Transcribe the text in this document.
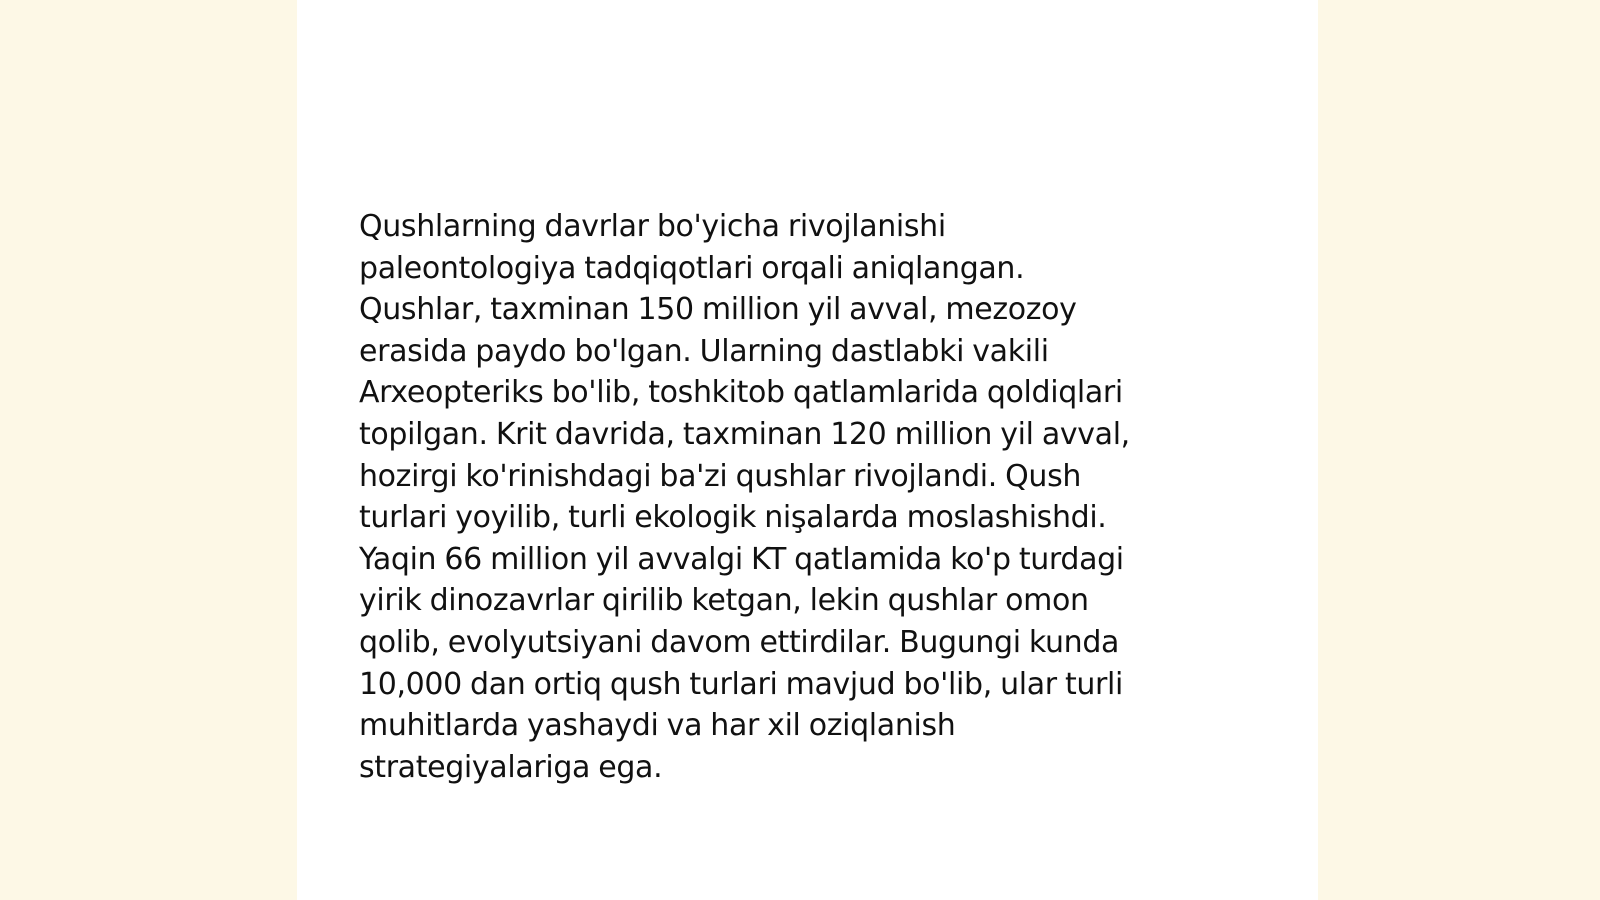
Qushlarning davrlar bo'yicha rivojlanishi
paleontologiya tadqiqotlari orqali aniqlangan.
Qushlar, taxminan 150 million yil avval, mezozoy
erasida paydo bo'lgan. Ularning dastlabki vakili
Arxeopteriks bo'lib, toshkitob qatlamlarida qoldiqlari
topilgan. Krit davrida, taxminan 120 million yil avval,
hozirgi ko'rinishdagi ba'zi qushlar rivojlandi. Qush
turlari yoyilib, turli ekologik nişalarda moslashishdi.
Yaqin 66 million yil avvalgi KT qatlamida ko'p turdagi
yirik dinozavrlar qirilib ketgan, lekin qushlar omon
qolib, evolyutsiyani davom ettirdilar. Bugungi kunda
10,000 dan ortiq qush turlari mavjud bo'lib, ular turli
muhitlarda yashaydi va har xil oziqlanish
strategiyalariga ega.
